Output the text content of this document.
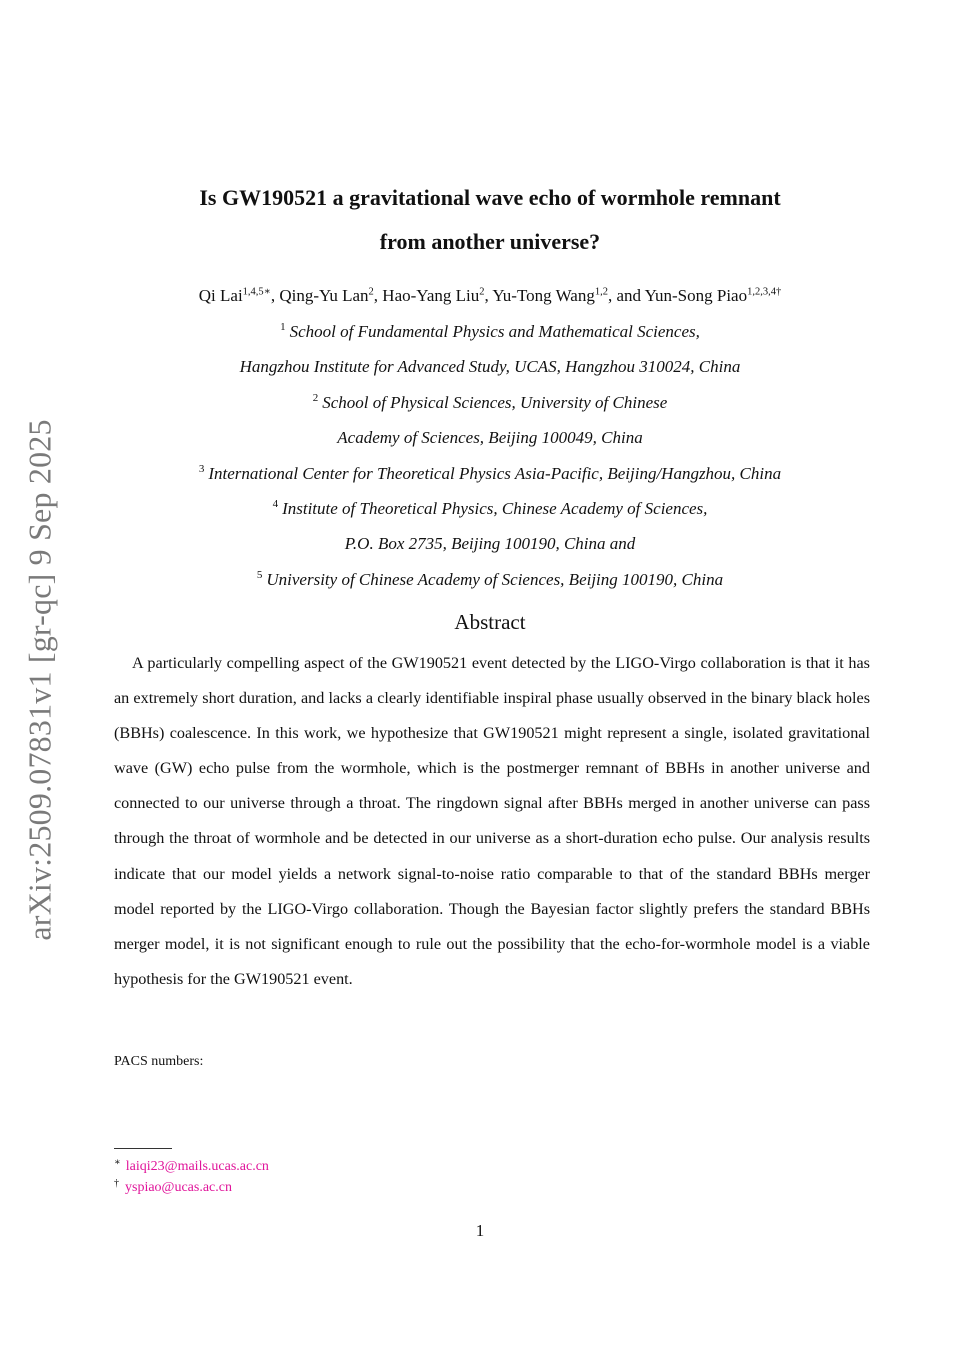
arXiv:2509.07831v1 [gr-qc] 9 Sep 2025
Is GW190521 a gravitational wave echo of wormhole remnant
from another universe?
Qi Lai$^{1,4,5∗}$, Qing-Yu Lan$^2$, Hao-Yang Liu$^2$, Yu-Tong Wang$^{1,2}$, and Yun-Song Piao$^{1,2,3,4\dagger}$
$^1$ School of Fundamental Physics and Mathematical Sciences,
Hangzhou Institute for Advanced Study, UCAS, Hangzhou 310024, China
$^2$ School of Physical Sciences, University of Chinese
Academy of Sciences, Beijing 100049, China
$^3$ International Center for Theoretical Physics Asia-Pacific, Beijing/Hangzhou, China
$^4$ Institute of Theoretical Physics, Chinese Academy of Sciences,
P.O. Box 2735, Beijing 100190, China and
$^5$ University of Chinese Academy of Sciences, Beijing 100190, China
Abstract
A particularly compelling aspect of the GW190521 event detected by the LIGO-Virgo collaboration is that it has an extremely short duration, and lacks a clearly identifiable inspiral phase usually observed in the binary black holes (BBHs) coalescence. In this work, we hypothesize that GW190521 might represent a single, isolated gravitational wave (GW) echo pulse from the wormhole, which is the postmerger remnant of BBHs in another universe and connected to our universe through a throat. The ringdown signal after BBHs merged in another universe can pass through the throat of wormhole and be detected in our universe as a short-duration echo pulse. Our analysis results indicate that our model yields a network signal-to-noise ratio comparable to that of the standard BBHs merger model reported by the LIGO-Virgo collaboration. Though the Bayesian factor slightly prefers the standard BBHs merger model, it is not significant enough to rule out the possibility that the echo-for-wormhole model is a viable hypothesis for the GW190521 event.
PACS numbers:
∗ laiqi23@mails.ucas.ac.cn
† yspiao@ucas.ac.cn
1
